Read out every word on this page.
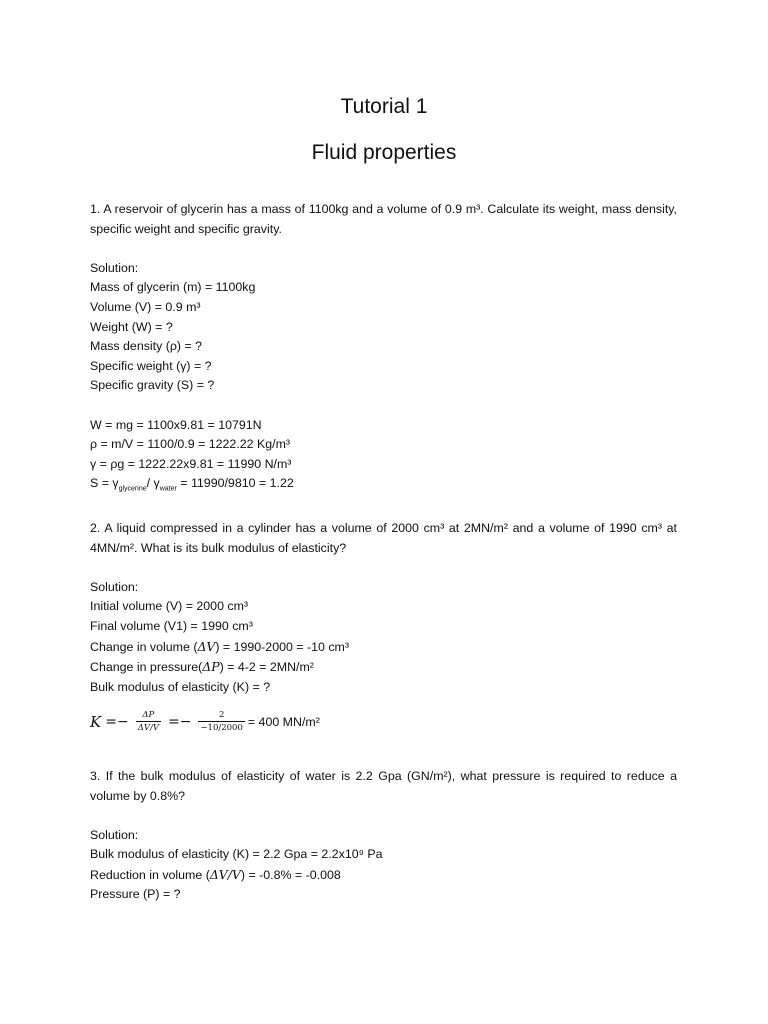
Tutorial 1
Fluid properties

1. A reservoir of glycerin has a mass of 1100kg and a volume of 0.9 m³. Calculate its weight, mass density, specific weight and specific gravity.

Solution:

Mass of glycerin (m) = 1100kg

Volume (V) = 0.9 m³

Weight (W) = ?

Mass density (ρ) = ?

Specific weight (γ) = ?

Specific gravity (S) = ?

W = mg = 1100x9.81 = 10791N

ρ = m/V = 1100/0.9 = 1222.22 Kg/m³

γ = ρg = 1222.22x9.81 = 11990 N/m³

$S = \gamma_{glycerine}/$ $\gamma_{water} = 11990/9810 = 1.22$

2. A liquid compressed in a cylinder has a volume of 2000 cm³ at 2MN/m² and a volume of 1990 cm³ at 4MN/m². What is its bulk modulus of elasticity?

Solution:

Initial volume (V) = 2000 cm³

Final volume (V1) = 1990 cm³

Change in volume (ΔV) = 1990-2000 = -10 cm³

Change in pressure(ΔP) = 4-2 = 2MN/m²

Bulk modulus of elasticity (K) = ?

$K =- \frac{\Delta P}{\Delta V/V} =- \frac{2}{-10/2000} = 400$ MN/m²

3. If the bulk modulus of elasticity of water is 2.2 Gpa (GN/m²), what pressure is required to reduce a volume by 0.8%?

Solution:

Bulk modulus of elasticity (K) = 2.2 Gpa = 2.2x10⁹ Pa

Reduction in volume (ΔV/V) = -0.8% = -0.008

Pressure (P) = ?
